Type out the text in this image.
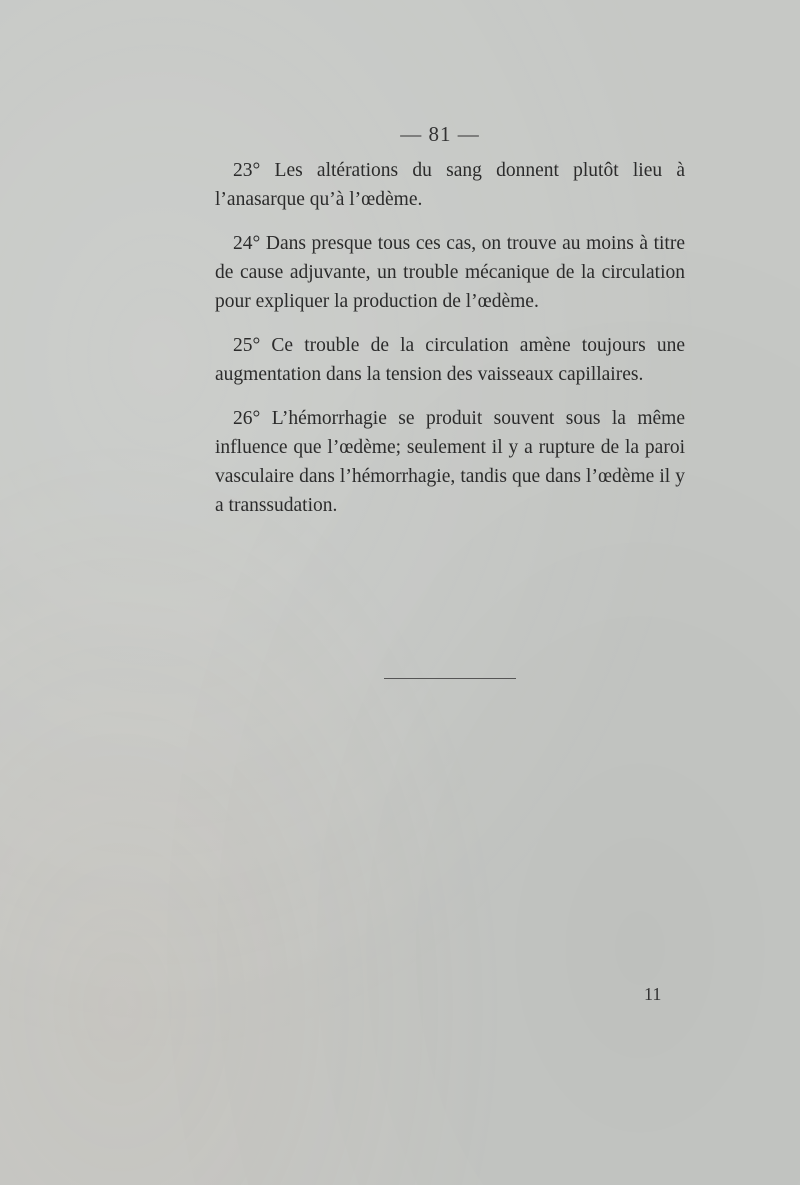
— 81 —

23° Les altérations du sang donnent plutôt lieu à l’anasarque qu’à l’œdème.

24° Dans presque tous ces cas, on trouve au moins à titre de cause adjuvante, un trouble mécanique de la circulation pour expliquer la production de l’œdème.

25° Ce trouble de la circulation amène toujours une augmentation dans la tension des vaisseaux capillaires.

26° L’hémorrhagie se produit souvent sous la même influence que l’œdème; seulement il y a rupture de la paroi vasculaire dans l’hémorrhagie, tandis que dans l’œdème il y a transsudation.

11
